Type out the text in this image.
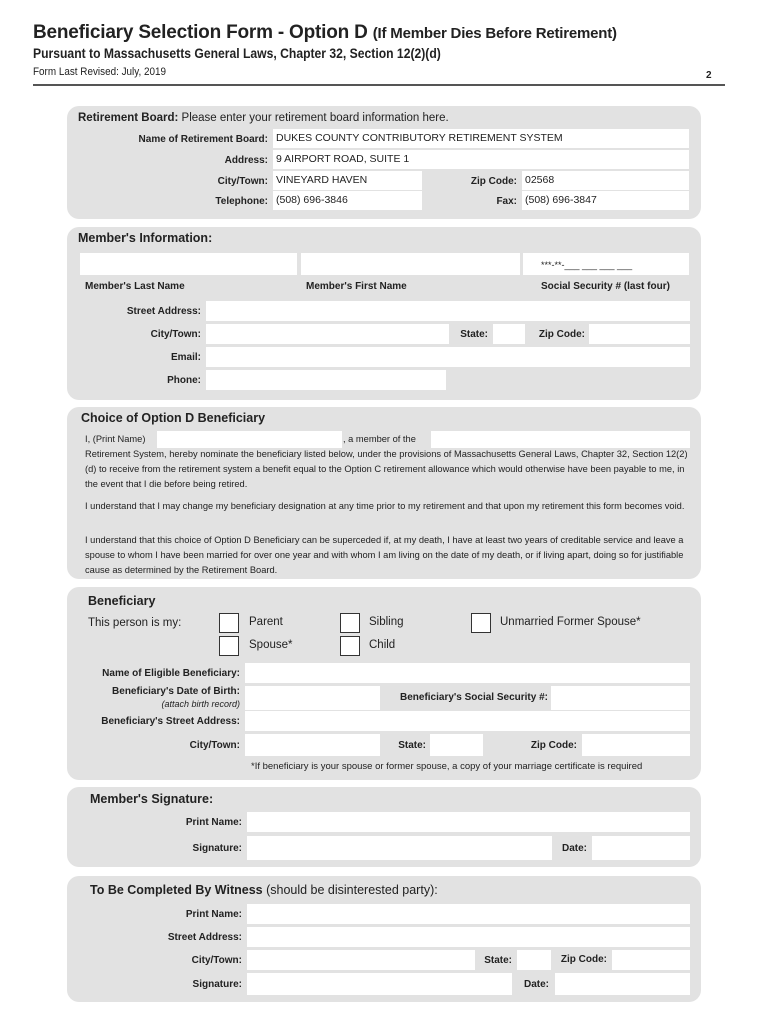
Beneficiary Selection Form - Option D (If Member Dies Before Retirement)
Pursuant to Massachusetts General Laws, Chapter 32, Section 12(2)(d)
Form Last Revised: July, 2019	2
Retirement Board: Please enter your retirement board information here.
Name of Retirement Board: DUKES COUNTY CONTRIBUTORY RETIREMENT SYSTEM
Address: 9 AIRPORT ROAD, SUITE 1
City/Town: VINEYARD HAVEN	Zip Code: 02568
Telephone: (508) 696-3846	Fax: (508) 696-3847
Member's Information:
***-**-___ ___ ___ ___
Member's Last Name	Member's First Name	Social Security # (last four)
Street Address:
City/Town:	State:	Zip Code:
Email:
Phone:
Choice of Option D Beneficiary
I, (Print Name)	, a member of the
Retirement System, hereby nominate the beneficiary listed below, under the provisions of Massachusetts General Laws, Chapter 32, Section 12(2)(d) to receive from the retirement system a benefit equal to the Option C retirement allowance which would otherwise have been payable to me, in the event that I die before being retired.
I understand that I may change my beneficiary designation at any time prior to my retirement and that upon my retirement this form becomes void.
I understand that this choice of Option D Beneficiary can be superceded if, at my death, I have at least two years of creditable service and leave a spouse to whom I have been married for over one year and with whom I am living on the date of my death, or if living apart, doing so for justifiable cause as determined by the Retirement Board.
Beneficiary
This person is my:	Parent	Sibling	Unmarried Former Spouse*
Spouse*	Child
Name of Eligible Beneficiary:
Beneficiary's Date of Birth:
(attach birth record)
Beneficiary's Social Security #:
Beneficiary's Street Address:
City/Town:	State:	Zip Code:
*If beneficiary is your spouse or former spouse, a copy of your marriage certificate is required
Member's Signature:
Print Name:
Signature:	Date:
To Be Completed By Witness (should be disinterested party):
Print Name:
Street Address:
City/Town:	State:	Zip Code:
Signature:	Date:
